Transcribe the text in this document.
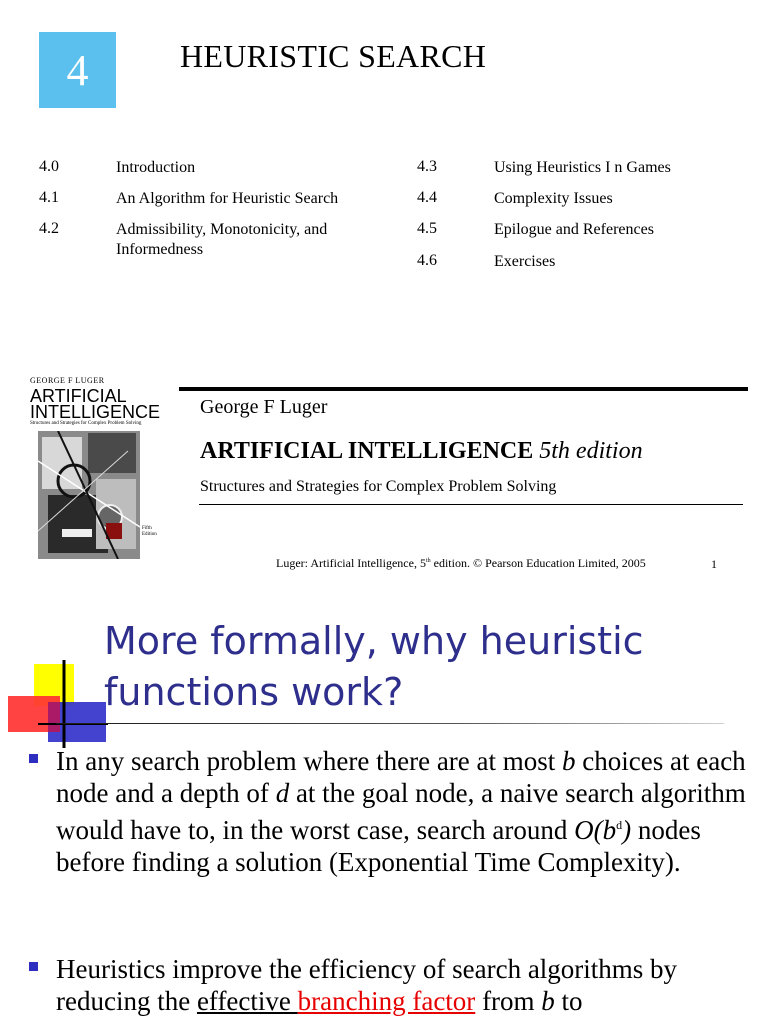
4	HEURISTIC SEARCH
4.0	Introduction
4.1	An Algorithm for Heuristic Search
4.2	Admissibility, Monotonicity, and Informedness
4.3	Using Heuristics I n Games
4.4	Complexity Issues
4.5	Epilogue and References
4.6	Exercises
GEORGE F LUGER
ARTIFICIAL
INTELLIGENCE
Structures and Strategies for Complex Problem Solving
Fifth Edition
George F Luger
ARTIFICIAL INTELLIGENCE 5th edition
Structures and Strategies for Complex Problem Solving
Luger: Artificial Intelligence, 5th edition. © Pearson Education Limited, 2005	1
More formally, why heuristic
functions work?
In any search problem where there are at most b choices at each node and a depth of d at the goal node, a naive search algorithm would have to, in the worst case, search around $O(b^d)$ nodes before finding a solution (Exponential Time Complexity).
Heuristics improve the efficiency of search algorithms by reducing the effective branching factor from b to
